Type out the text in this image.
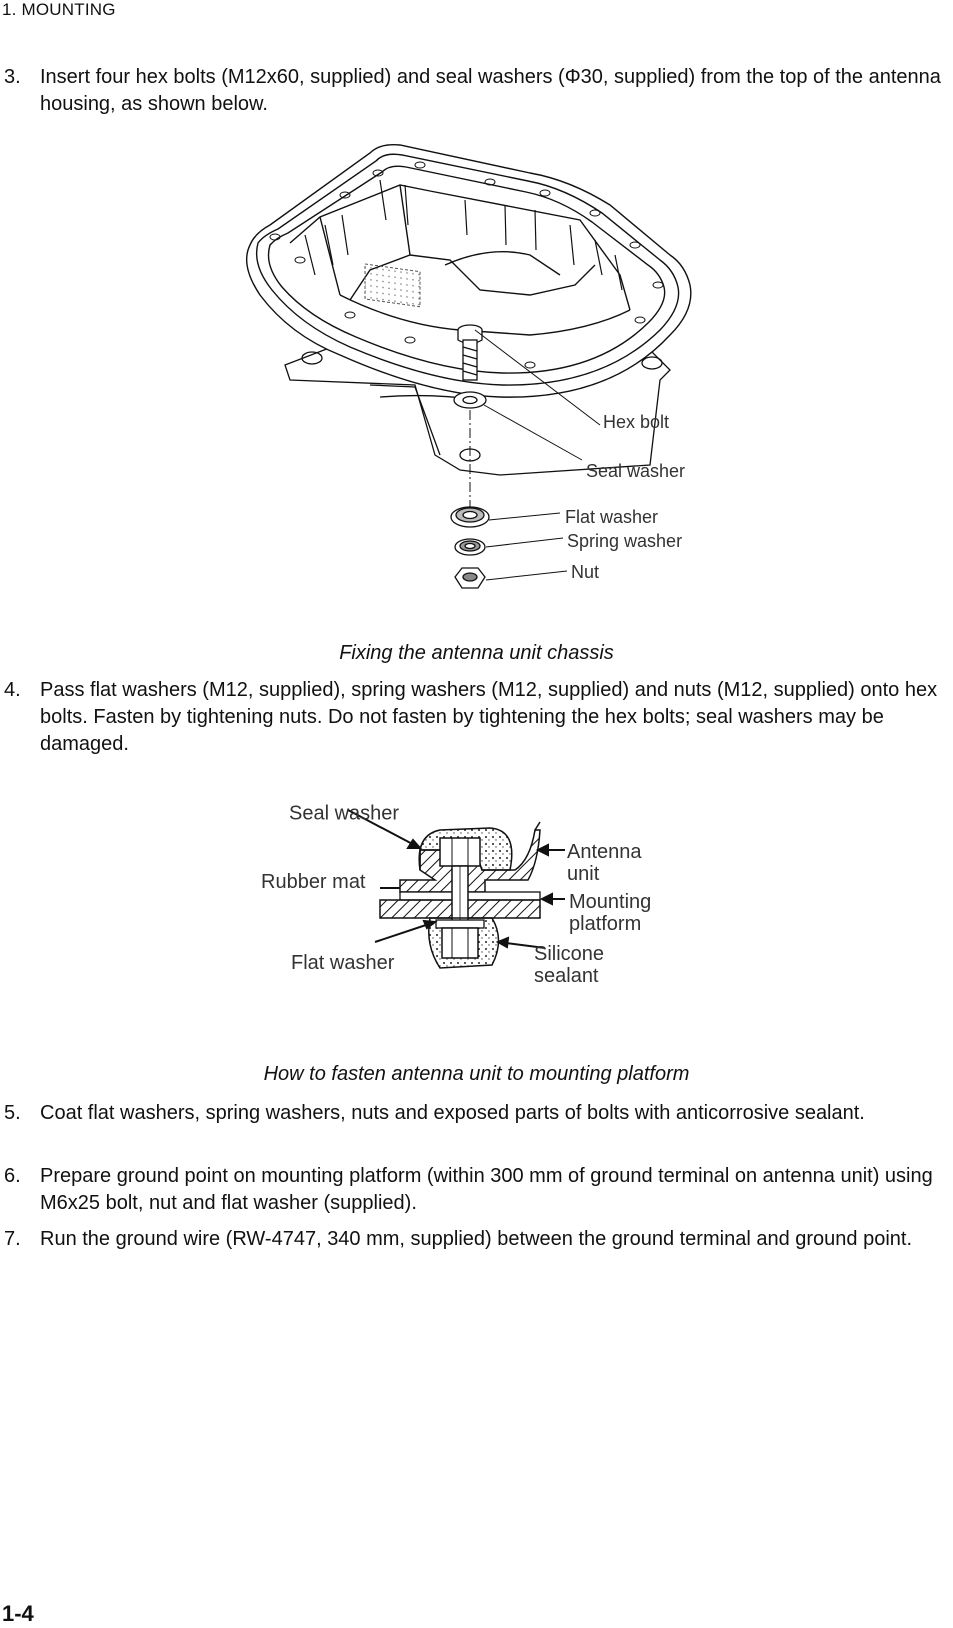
1. MOUNTING
3. Insert four hex bolts (M12x60, supplied) and seal washers (Φ30, supplied) from the top of the antenna housing, as shown below.
Hex bolt
Seal washer
Flat washer
Spring washer
Nut
Fixing the antenna unit chassis
4. Pass flat washers (M12, supplied), spring washers (M12, supplied) and nuts (M12, supplied) onto hex bolts. Fasten by tightening nuts. Do not fasten by tightening the hex bolts; seal washers may be damaged.
Seal washer
Rubber mat
Flat washer
Antenna
unit
Mounting
platform
Silicone
sealant
How to fasten antenna unit to mounting platform
5. Coat flat washers, spring washers, nuts and exposed parts of bolts with anticorrosive sealant.
6. Prepare ground point on mounting platform (within 300 mm of ground terminal on antenna unit) using M6x25 bolt, nut and flat washer (supplied).
7. Run the ground wire (RW-4747, 340 mm, supplied) between the ground terminal and ground point.
1-4
